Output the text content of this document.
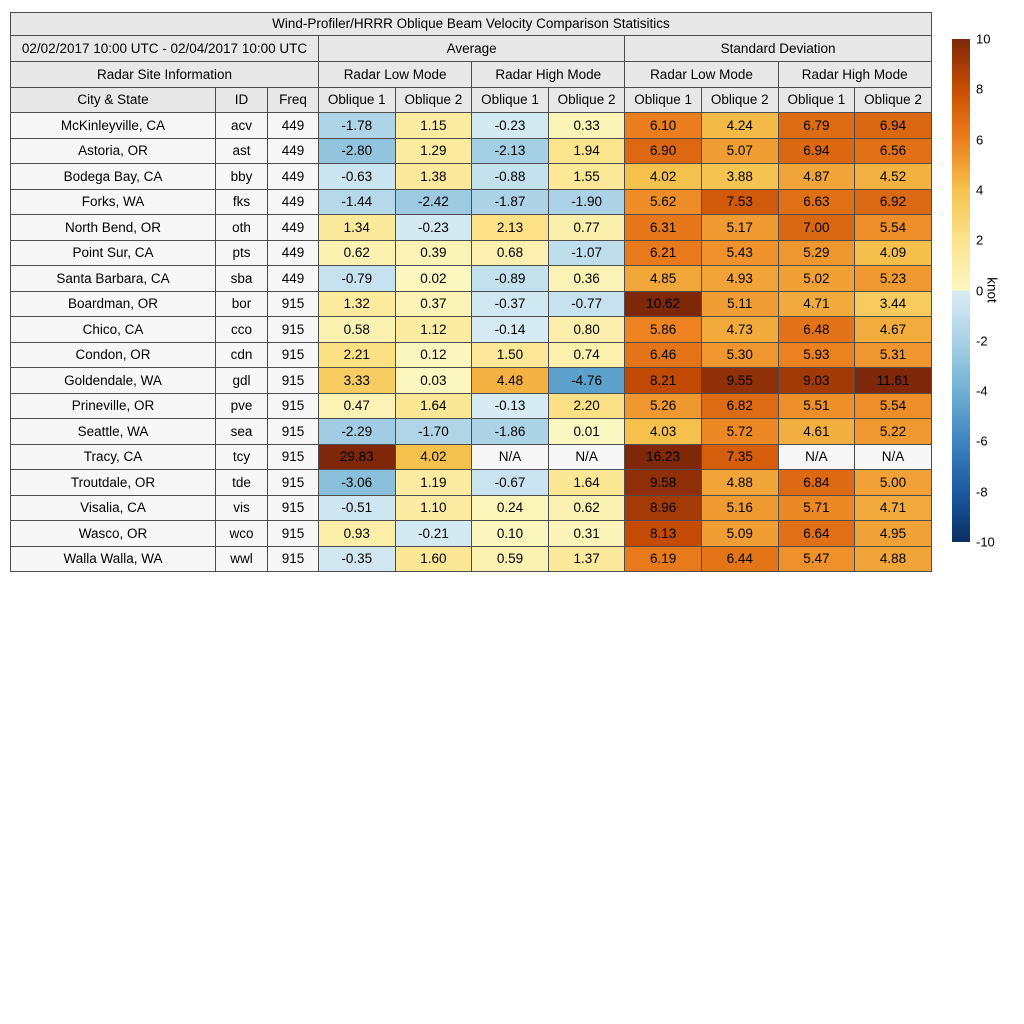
Wind-Profiler/HRRR Oblique Beam Velocity Comparison Statisitics										
02/02/2017 10:00 UTC - 02/04/2017 10:00 UTC			Average				Standard Deviation			
Radar Site Information			Radar Low Mode		Radar High Mode		Radar Low Mode		Radar High Mode	
City & State	ID	Freq	Oblique 1	Oblique 2	Oblique 1	Oblique 2	Oblique 1	Oblique 2	Oblique 1	Oblique 2
McKinleyville, CA	acv	449	-1.78	1.15	-0.23	0.33	6.10	4.24	6.79	6.94
Astoria, OR	ast	449	-2.80	1.29	-2.13	1.94	6.90	5.07	6.94	6.56
Bodega Bay, CA	bby	449	-0.63	1.38	-0.88	1.55	4.02	3.88	4.87	4.52
Forks, WA	fks	449	-1.44	-2.42	-1.87	-1.90	5.62	7.53	6.63	6.92
North Bend, OR	oth	449	1.34	-0.23	2.13	0.77	6.31	5.17	7.00	5.54
Point Sur, CA	pts	449	0.62	0.39	0.68	-1.07	6.21	5.43	5.29	4.09
Santa Barbara, CA	sba	449	-0.79	0.02	-0.89	0.36	4.85	4.93	5.02	5.23
Boardman, OR	bor	915	1.32	0.37	-0.37	-0.77	10.62	5.11	4.71	3.44
Chico, CA	cco	915	0.58	1.12	-0.14	0.80	5.86	4.73	6.48	4.67
Condon, OR	cdn	915	2.21	0.12	1.50	0.74	6.46	5.30	5.93	5.31
Goldendale, WA	gdl	915	3.33	0.03	4.48	-4.76	8.21	9.55	9.03	11.61
Prineville, OR	pve	915	0.47	1.64	-0.13	2.20	5.26	6.82	5.51	5.54
Seattle, WA	sea	915	-2.29	-1.70	-1.86	0.01	4.03	5.72	4.61	5.22
Tracy, CA	tcy	915	29.83	4.02	N/A	N/A	16.23	7.35	N/A	N/A
Troutdale, OR	tde	915	-3.06	1.19	-0.67	1.64	9.58	4.88	6.84	5.00
Visalia, CA	vis	915	-0.51	1.10	0.24	0.62	8.96	5.16	5.71	4.71
Wasco, OR	wco	915	0.93	-0.21	0.10	0.31	8.13	5.09	6.64	4.95
Walla Walla, WA	wwl	915	-0.35	1.60	0.59	1.37	6.19	6.44	5.47	4.88
10
8
6
4
2
0
-2
-4
-6
-8
-10
knot
